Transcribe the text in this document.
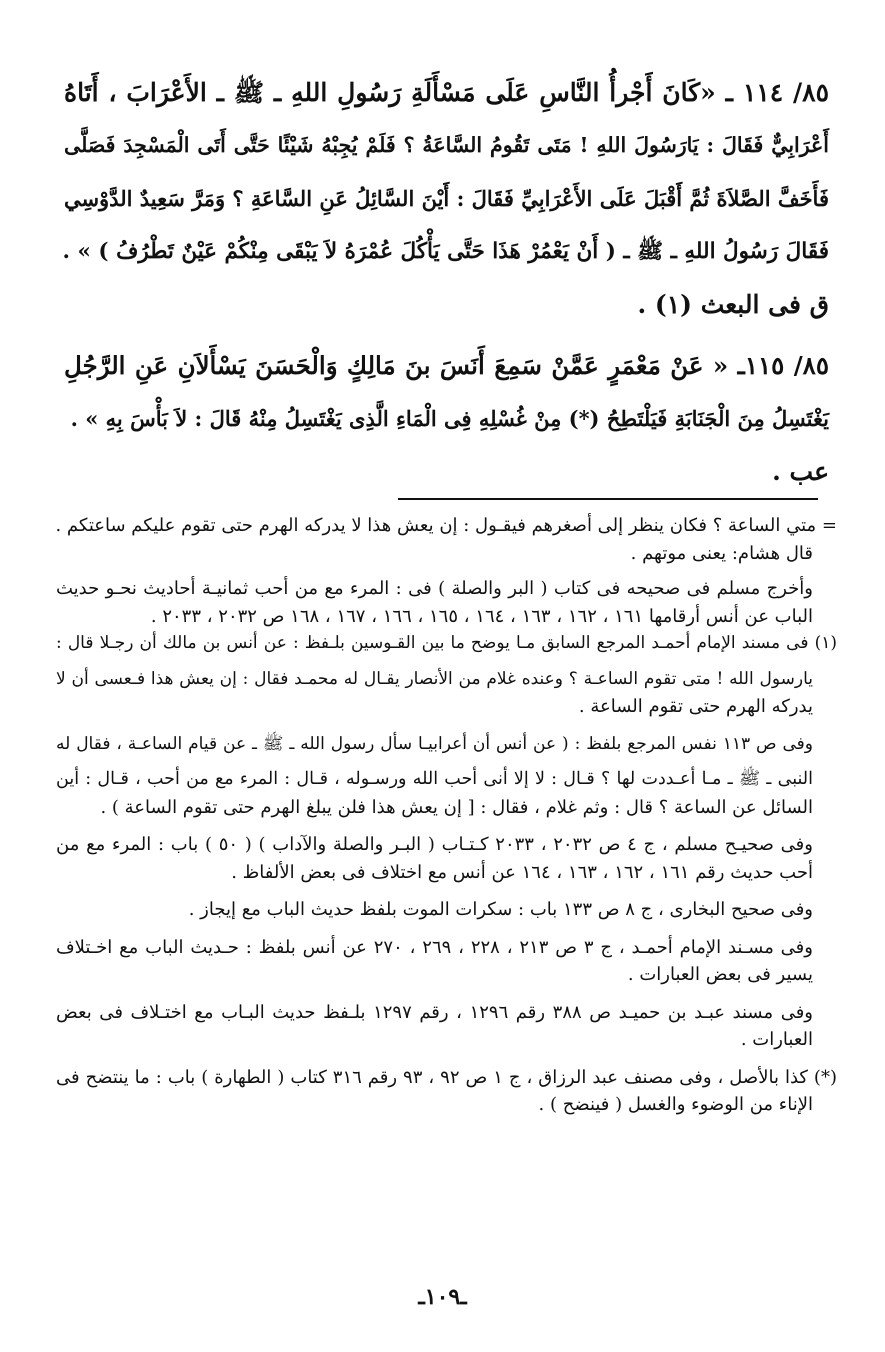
٨٥/ ١١٤ ـ «كَانَ أَجْرأُ النَّاسِ عَلَى مَسْأَلَةِ رَسُولِ اللهِ ـ ﷺ ـ الأَعْرَابَ ، أَتَاهُ
أَعْرَابِيٌّ فَقَالَ : يَارَسُولَ اللهِ ! مَتَى تَقُومُ السَّاعَةُ ؟ فَلَمْ يُجِبْهُ شَيْئًا حَتَّى أَتَى الْمَسْجِدَ فَصَلَّى
فَأَخَفَّ الصَّلاَةَ ثُمَّ أَقْبَلَ عَلَى الأَعْرَابِيِّ فَقَالَ : أَيْنَ السَّائِلُ عَنِ السَّاعَةِ ؟ وَمَرَّ سَعِيدٌ الدَّوْسِي
فَقَالَ رَسُولُ اللهِ ـ ﷺ ـ ( أَنْ يَعْمُرْ هَذَا حَتَّى يَأْكُلَ عُمْرَهُ لاَ يَبْقَى مِنْكُمْ عَيْنٌ تَطْرُفُ ) » .
ق فى البعث (١) .
٨٥/ ١١٥ـ « عَنْ مَعْمَرٍ عَمَّنْ سَمِعَ أَنَسَ بنَ مَالِكٍ وَالْحَسَنَ يَسْأَلاَنِ عَنِ الرَّجُلِ
يَغْتَسِلُ مِنَ الْجَنَابَةِ فَيَلْتَطِحُ (*) مِنْ غُسْلِهِ فِى الْمَاءِ الَّذِى يَغْتَسِلُ مِنْهُ قَالَ : لاَ بَأْسَ بِهِ » .
عب .
= متي الساعة ؟ فكان ينظر إلى أصغرهم فيقـول : إن يعش هذا لا يدركه الهرم حتى تقوم عليكم ساعتكم .
قال هشام: يعنى موتهم .
وأخرج مسلم فى صحيحه فى كتاب ( البر والصلة ) فى : المرء مع من أحب ثمانيـة أحاديث نحـو حديث
الباب عن أنس أرقامها ١٦١ ، ١٦٢ ، ١٦٣ ، ١٦٤ ، ١٦٥ ، ١٦٦ ، ١٦٧ ، ١٦٨ ص ٢٠٣٢ ، ٢٠٣٣ .
(١) فى مسند الإمام أحمـد المرجع السابق مـا يوضح ما بين القـوسين بلـفظ : عن أنس بن مالك أن رجـلا قال :
يارسول الله ! متى تقوم الساعـة ؟ وعنده غلام من الأنصار يقـال له محمـد فقال : إن يعش هذا فـعسى أن لا
يدركه الهرم حتى تقوم الساعة .
وفى ص ١١٣ نفس المرجع بلفظ : ( عن أنس أن أعرابيـا سأل رسول الله ـ ﷺ ـ عن قيام الساعـة ، فقال له
النبى ـ ﷺ ـ مـا أعـددت لها ؟ قـال : لا إلا أنى أحب الله ورسـوله ، قـال : المرء مع من أحب ، قـال : أين
السائل عن الساعة ؟ قال : وثم غلام ، فقال : [ إن يعش هذا فلن يبلغ الهرم حتى تقوم الساعة ) .
وفى صحيـح مسلم ، ج ٤ ص ٢٠٣٢ ، ٢٠٣٣ كـتـاب ( البـر والصلة والآداب ) ( ٥٠ ) باب : المرء مع من
أحب حديث رقم ١٦١ ، ١٦٢ ، ١٦٣ ، ١٦٤ عن أنس مع اختلاف فى بعض الألفاظ .
وفى صحيح البخارى ، ج ٨ ص ١٣٣ باب : سكرات الموت بلفظ حديث الباب مع إيجاز .
وفى مسـند الإمام أحمـد ، ج ٣ ص ٢١٣ ، ٢٢٨ ، ٢٦٩ ، ٢٧٠ عن أنس بلفظ : حـديث الباب مع اخـتلاف
يسير فى بعض العبارات .
وفى مسند عبـد بن حميـد ص ٣٨٨ رقم ١٢٩٦ ، رقم ١٢٩٧ بلـفظ حديث البـاب مع اختـلاف فى بعض
العبارات .
(*) كذا بالأصل ، وفى مصنف عبد الرزاق ، ج ١ ص ٩٢ ، ٩٣ رقم ٣١٦ كتاب ( الطهارة ) باب : ما ينتضح فى
الإناء من الوضوء والغسل ( فينضح ) .
ـ١٠٩ـ
